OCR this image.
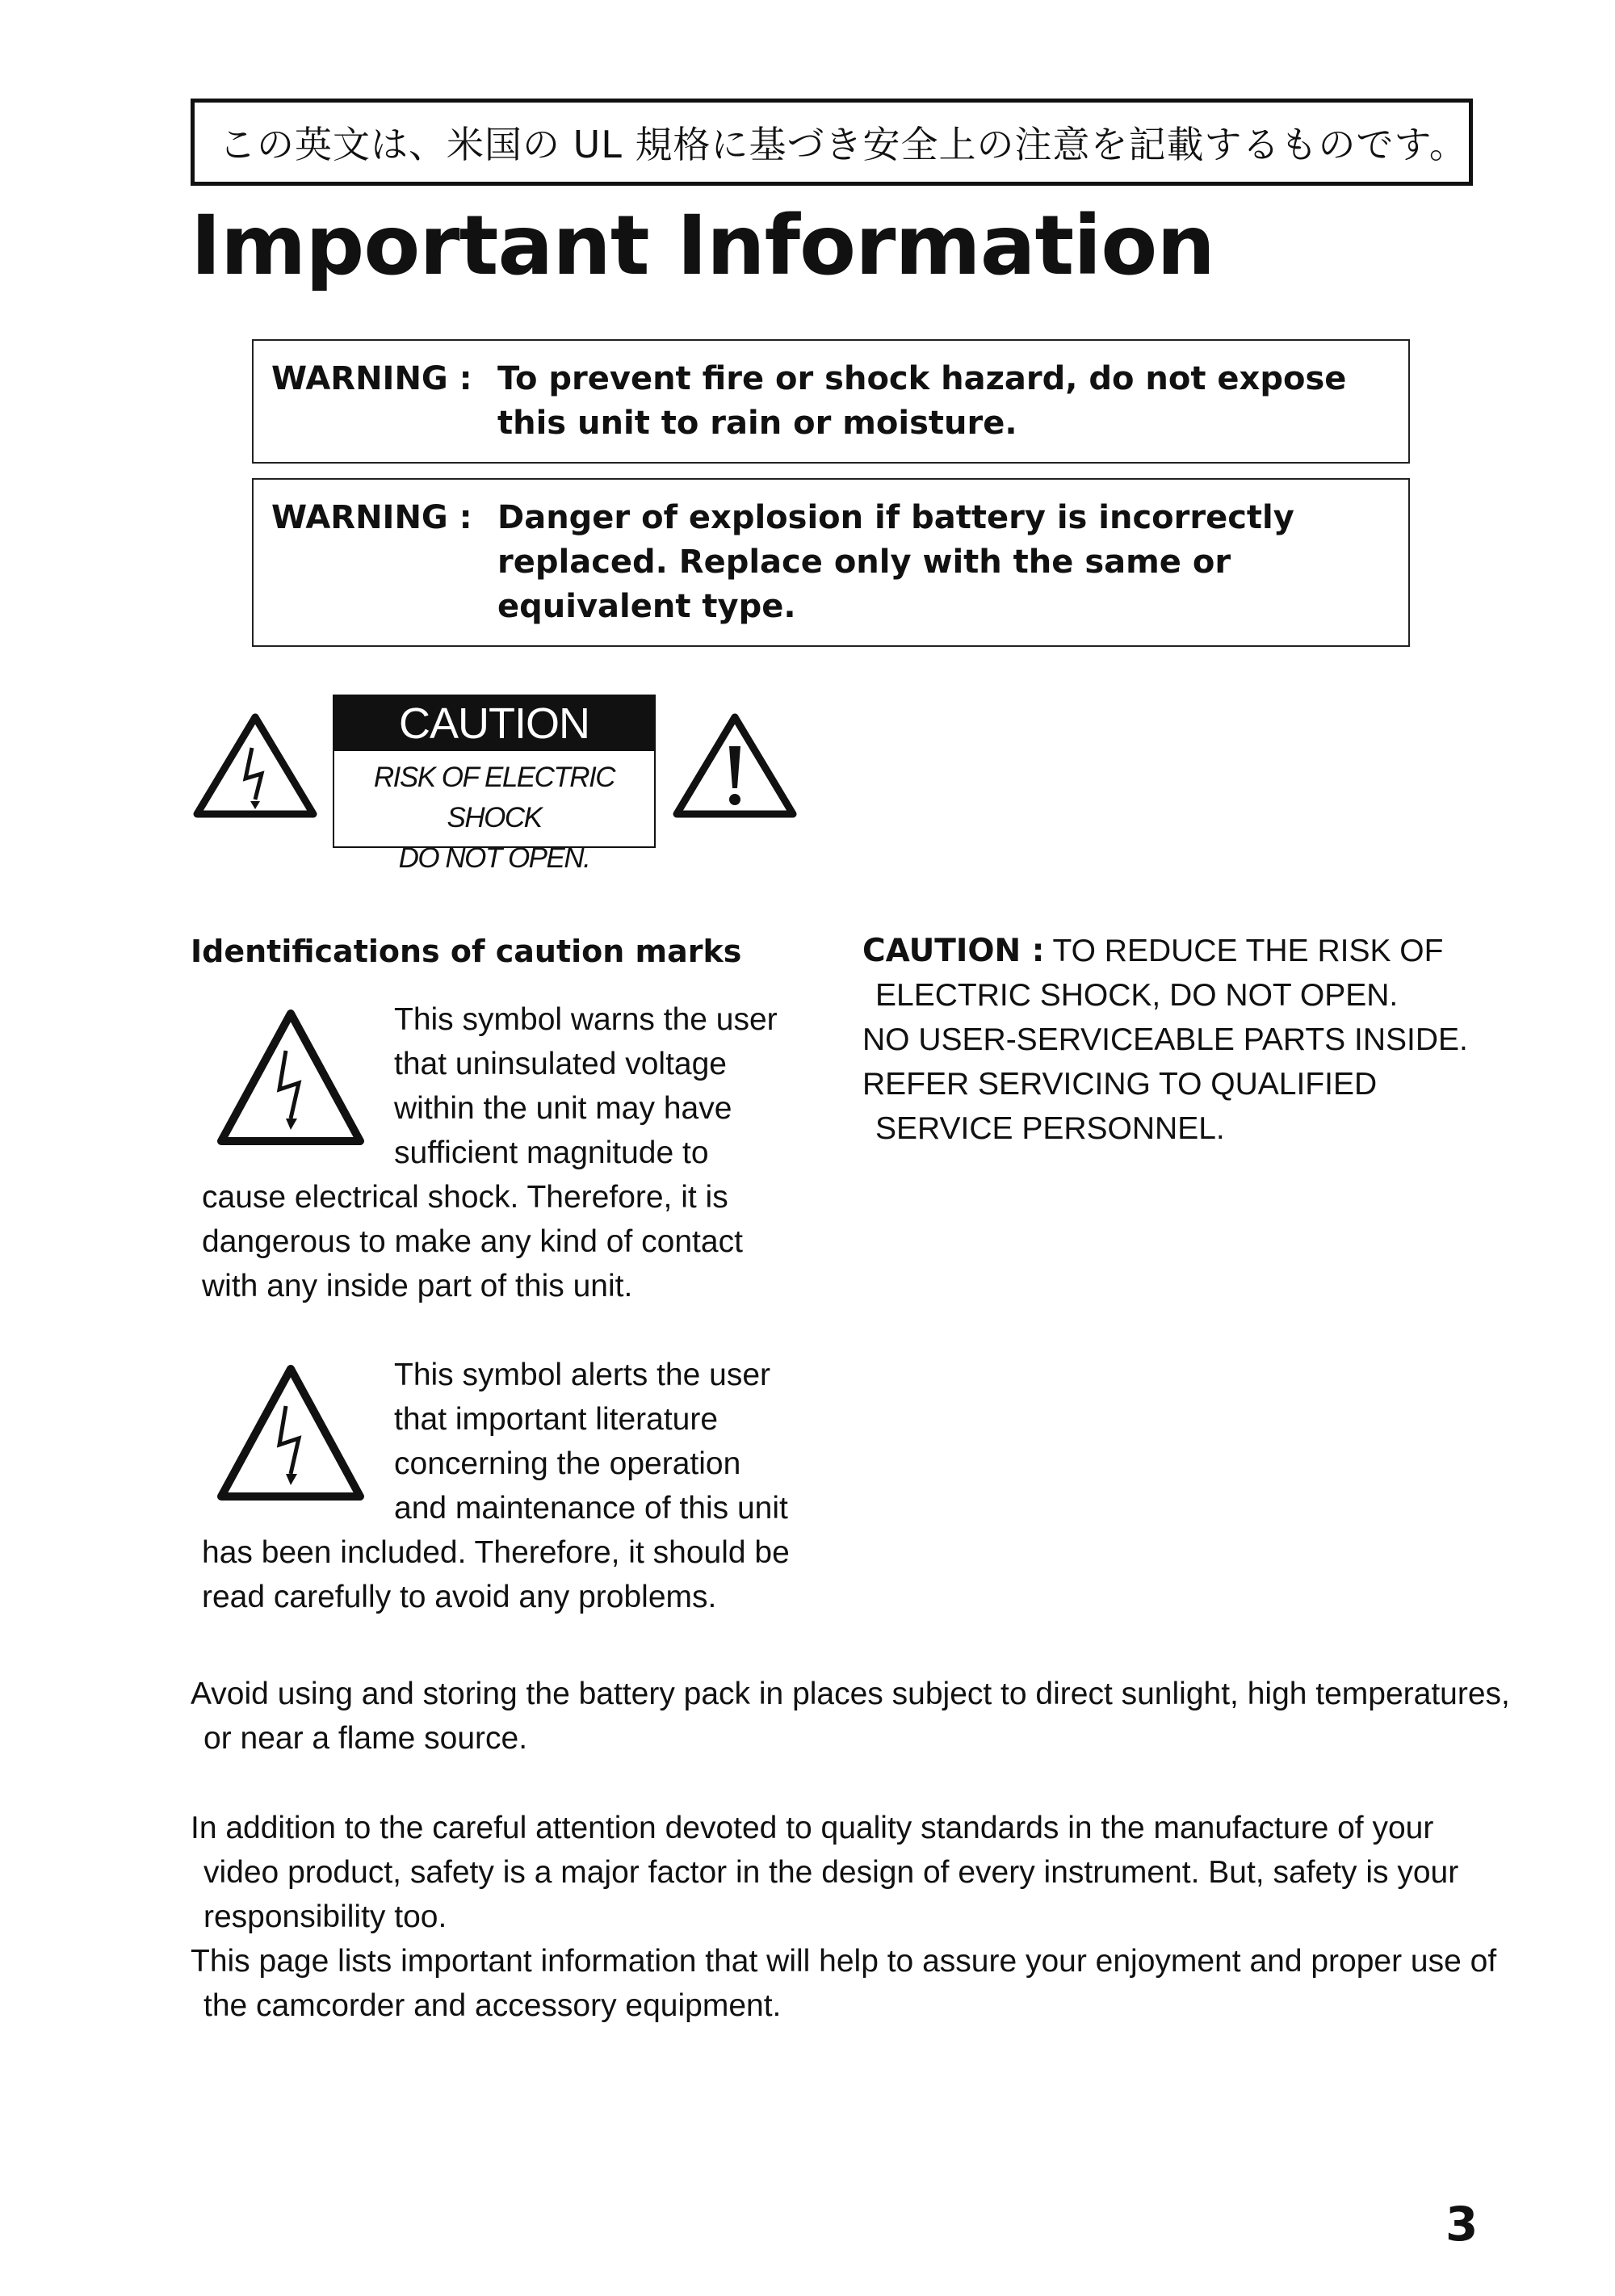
この英文は、米国の UL 規格に基づき安全上の注意を記載するものです。
Important Information
WARNING : To prevent fire or shock hazard, do not expose this unit to rain or moisture.
WARNING : Danger of explosion if battery is incorrectly replaced. Replace only with the same or equivalent type.
CAUTION
RISK OF ELECTRIC SHOCK
DO NOT OPEN.
Identifications of caution marks

This symbol warns the user that uninsulated voltage within the unit may have sufficient magnitude to cause electrical shock. Therefore, it is dangerous to make any kind of contact with any inside part of this unit.

This symbol alerts the user that important literature concerning the operation and maintenance of this unit has been included. Therefore, it should be read carefully to avoid any problems.

CAUTION : TO REDUCE THE RISK OF
ELECTRIC SHOCK, DO NOT OPEN.
NO USER-SERVICEABLE PARTS INSIDE.
REFER SERVICING TO QUALIFIED
SERVICE PERSONNEL.

Avoid using and storing the battery pack in places subject to direct sunlight, high temperatures,
or near a flame source.

In addition to the careful attention devoted to quality standards in the manufacture of your
video product, safety is a major factor in the design of every instrument. But, safety is your responsibility too.

This page lists important information that will help to assure your enjoyment and proper use of
the camcorder and accessory equipment.

3
